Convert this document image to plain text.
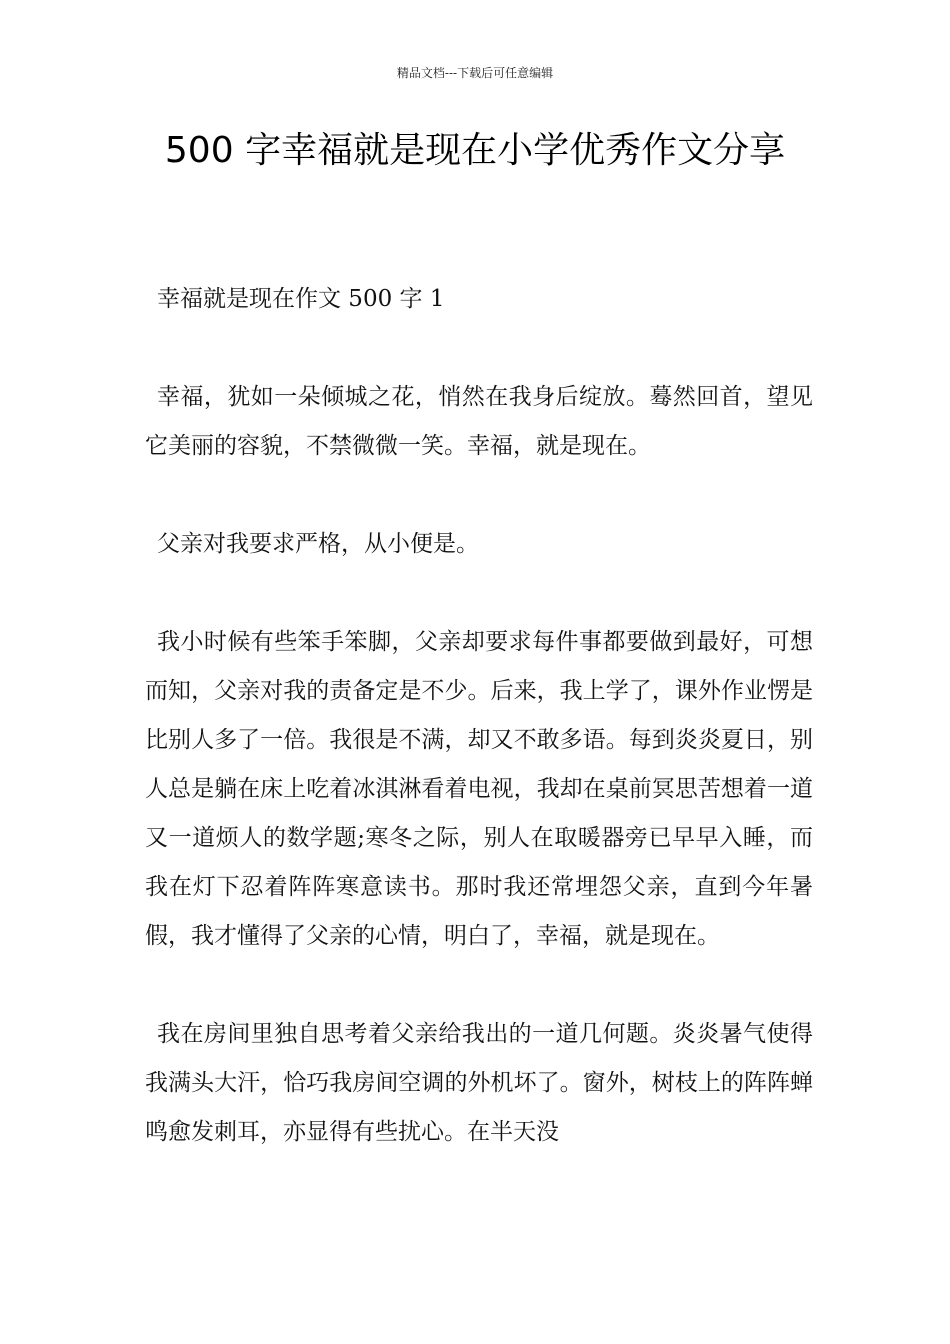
精品文档---下载后可任意编辑
500 字幸福就是现在小学优秀作文分享

幸福就是现在作文 500 字 1

幸福，犹如一朵倾城之花，悄然在我身后绽放。蓦然回首，望见它美丽的容貌，不禁微微一笑。幸福，就是现在。

父亲对我要求严格，从小便是。

我小时候有些笨手笨脚，父亲却要求每件事都要做到最好，可想而知，父亲对我的责备定是不少。后来，我上学了，课外作业愣是比别人多了一倍。我很是不满，却又不敢多语。每到炎炎夏日，别人总是躺在床上吃着冰淇淋看着电视，我却在桌前冥思苦想着一道又一道烦人的数学题;寒冬之际，别人在取暖器旁已早早入睡，而我在灯下忍着阵阵寒意读书。那时我还常埋怨父亲，直到今年暑假，我才懂得了父亲的心情，明白了，幸福，就是现在。

我在房间里独自思考着父亲给我出的一道几何题。炎炎暑气使得我满头大汗，恰巧我房间空调的外机坏了。窗外，树枝上的阵阵蝉鸣愈发刺耳，亦显得有些扰心。在半天没
